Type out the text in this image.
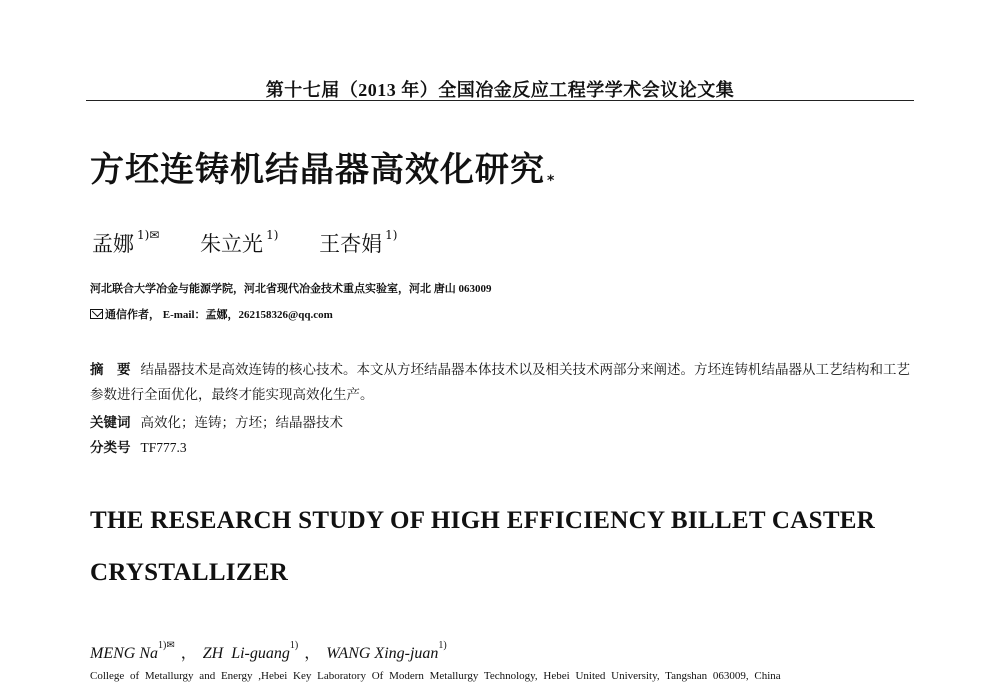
第十七届（2013 年）全国冶金反应工程学学术会议论文集
方坯连铸机结晶器高效化研究 *
孟娜 $^{1)✉}$ 朱立光 $^{1)}$ 王杏娟 $^{1)}$
河北联合大学冶金与能源学院，河北省现代冶金技术重点实验室，河北 唐山 063009
通信作者， E-mail：孟娜，262158326@qq.com
摘　要 结晶器技术是高效连铸的核心技术。本文从方坯结晶器本体技术以及相关技术两部分来阐述。方坯连铸机结晶器从工艺结构和工艺参数进行全面优化，最终才能实现高效化生产。
关键词 高效化；连铸；方坯；结晶器技术
分类号 TF777.3
THE RESEARCH STUDY OF HIGH EFFICIENCY BILLET CASTER CRYSTALLIZER
MENG $Na^{1)✉}$ ， ZH  Li-guang$^{1)}$ ， WANG Xing-juan$^{1)}$
College of Metallurgy and Energy ,Hebei Key Laboratory Of Modern Metallurgy Technology, Hebei United University, Tangshan 063009, China
